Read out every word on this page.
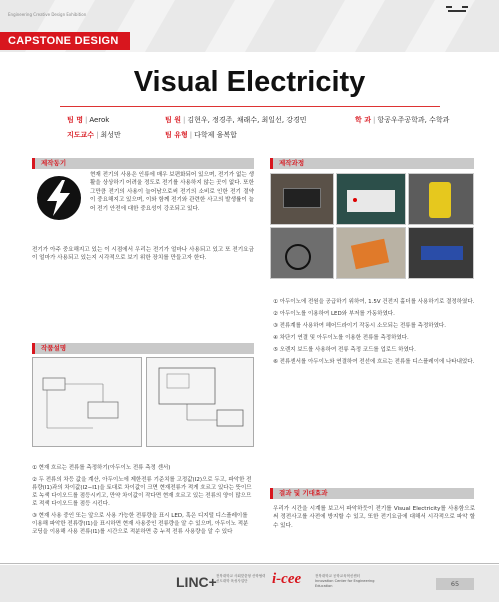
Engineering Creative Design Exhibition
CAPSTONE DESIGN
Visual Electricity
팀 명 | Aerok	팀 원 | 김현우, 정경주, 채래수, 최일선, 강경민	학 과 | 항공우주공학과, 수학과
지도교수 | 최성만	팀 유형 | 다학제 융복합
제작동기
현재 전기의 사용은 인류에 매우 보편화되어 있으며, 전기가 없는 생활을 상상하기 어려울 정도로 전기를 사용하지 않는 곳이 없다. 또한 그만큼 전기의 사용이 늘어남으로써 전기의 소비로 인한 전기 절약이 중요해지고 있으며, 이와 함께 전기와 관련한 사고의 발생률이 늘어 전기 안전에 대한 중요성이 강조되고 있다.
전기가 아주 중요해지고 있는 이 시점에서 우리는 전기가 얼마나 사용되고 있고 또 전기요금이 얼마가 사용되고 있는지 시각적으로 보기 위한 장치를 만들고자 한다.
제작과정
① 아두이노에 전원을 공급하기 위하여, 1.5V 건전지 홀더를 사용하기로 결정하였다.
② 아두이노를 이용하여 LED와 부저를 가동하였다.
③ 전류계를 사용하여 헤어드라이기 작동시 소모되는 전류를 측정하였다.
④ 차단기 연결 및 아두이노를 이용한 전류를 측정하였다.
⑤ 오렌지 보드를 사용하여 전류 측정 코드를 업로드 하였다.
⑥ 전류센서를 아두이노와 연결하여 전선에 흐르는 전류를 디스플레이에 나타내었다.
작품설명
① 현재 흐르는 전류를 측정하기(아두이노 전류 측정 센서)
② 두 전류의 차등 값을 계산, 아두이노에 제한전류 기준치를 고정값(I2)으로 두고, 파악한 전류량(I1)과의 차이값(I2−I1)을 토대로 차이값이 크면 현재전류가 적게 흐르고 있다는 뜻이므로 녹색 다이오드를 점등시키고, 만약 차이값이 작다면 현재 흐르고 있는 전류의 양이 많으므로 적색 다이오드를 점등 시킨다.
③ 현재 사용 중인 또는 앞으로 사용 가능한 전류량을 표시 LED, 혹은 디지털 디스플레이를 이용해 파악한 전류량(I1)을 표시하면 현재 사용중인 전류량을 알 수 있으며, 아두이노 적분 코딩을 이용해 사용 전류(I1)를 시간으로 적분하면 총 누적 전류 사용량을 알 수 있다
결과 및 기대효과
우리가 시간을 시계를 보고서 파악하듯이 전기를 Visual Electricity를 사용함으로써 정전사고를 사전에 방지할 수 있고, 또한 전기요금에 대해서 시각적으로 파악 할 수 있다.
LINC+ 전북대학교 사회맞춤형 산학협력 선도대학 육성사업단	i-cee	전북대학교 공학교육혁신센터 Innovation Center for Engineering Education	65
